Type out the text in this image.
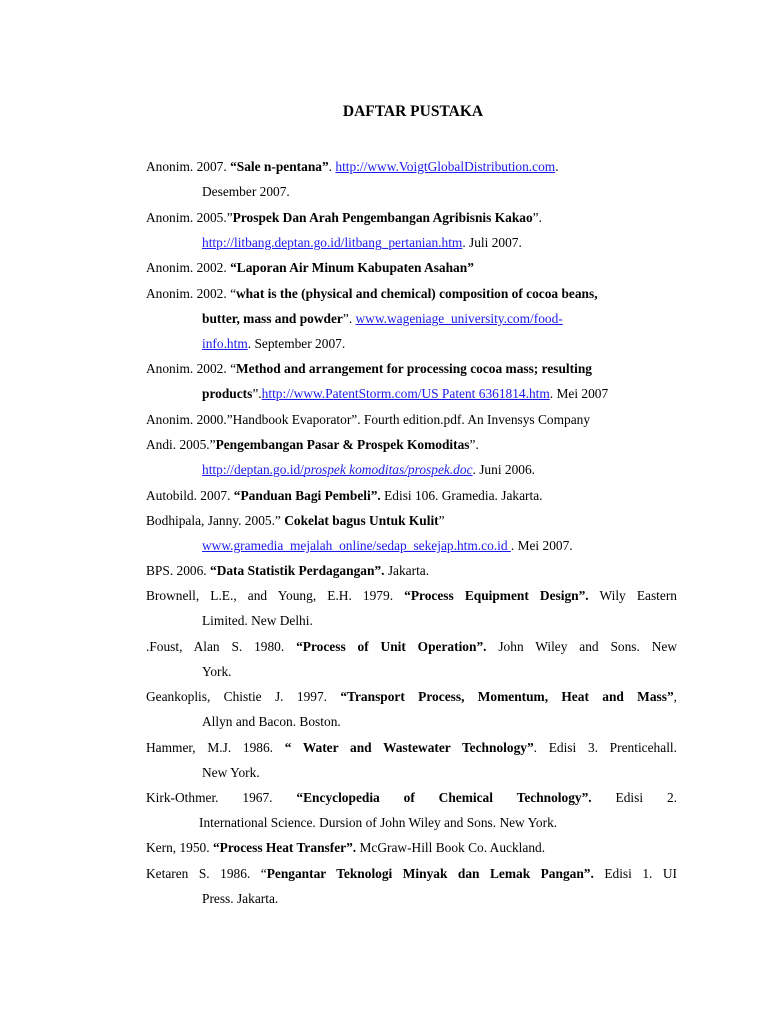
DAFTAR PUSTAKA
Anonim. 2007. “Sale n-pentana”. http://www.VoigtGlobalDistribution.com.
Desember 2007.
Anonim. 2005.”Prospek Dan Arah Pengembangan Agribisnis Kakao”.
http://litbang.deptan.go.id/litbang_pertanian.htm. Juli 2007.
Anonim. 2002. “Laporan Air Minum Kabupaten Asahan”
Anonim. 2002. “what is the (physical and chemical) composition of cocoa beans,
butter, mass and powder”. www.wageniage_university.com/food-
info.htm. September 2007.
Anonim. 2002. “Method and arrangement for processing cocoa mass; resulting
products”.http://www.PatentStorm.com/US Patent 6361814.htm. Mei 2007
Anonim. 2000.”Handbook Evaporator”. Fourth edition.pdf. An Invensys Company
Andi. 2005.”Pengembangan Pasar & Prospek Komoditas”.
http://deptan.go.id/prospek komoditas/prospek.doc. Juni 2006.
Autobild. 2007. “Panduan Bagi Pembeli”. Edisi 106. Gramedia. Jakarta.
Bodhipala, Janny. 2005.” Cokelat bagus Untuk Kulit”
www.gramedia_mejalah_online/sedap_sekejap.htm.co.id . Mei 2007.
BPS. 2006. “Data Statistik Perdagangan”. Jakarta.
Brownell, L.E., and Young, E.H. 1979. “Process Equipment Design”. Wily Eastern
Limited. New Delhi.
.Foust, Alan S. 1980. “Process of Unit Operation”. John Wiley and Sons. New
York.
Geankoplis, Chistie J. 1997. “Transport Process, Momentum, Heat and Mass”,
Allyn and Bacon. Boston.
Hammer, M.J. 1986. “ Water and Wastewater Technology”. Edisi 3. Prenticehall.
New York.
Kirk-Othmer. 1967. “Encyclopedia of Chemical Technology”. Edisi 2.
International Science. Dursion of John Wiley and Sons. New York.
Kern, 1950. “Process Heat Transfer”. McGraw-Hill Book Co. Auckland.
Ketaren S. 1986. “Pengantar Teknologi Minyak dan Lemak Pangan”. Edisi 1. UI
Press. Jakarta.
